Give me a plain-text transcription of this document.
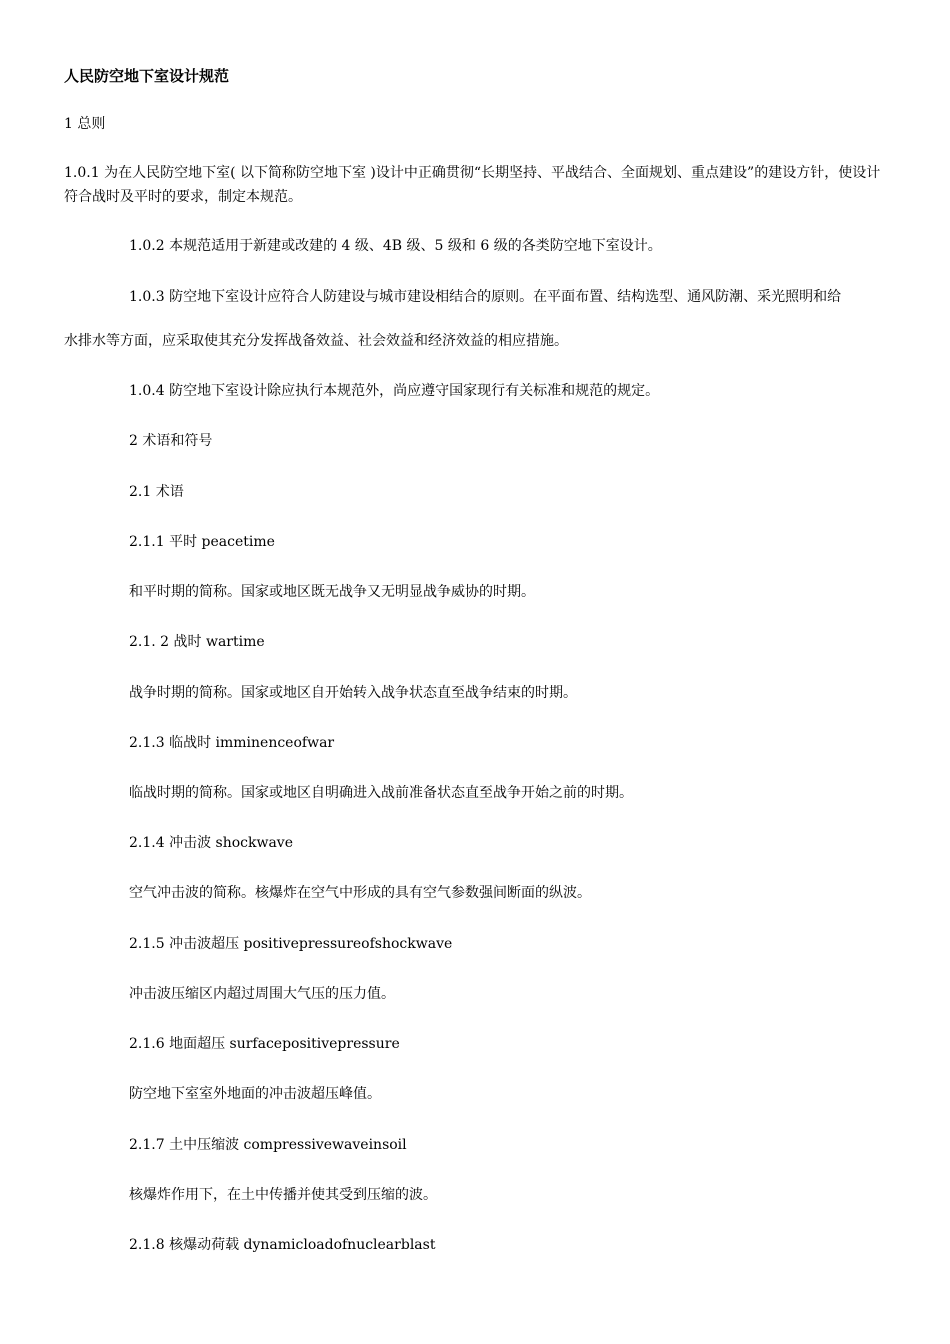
人民防空地下室设计规范
1 总则
1.0.1 为在人民防空地下室( 以下简称防空地下室 )设计中正确贯彻“长期坚持、平战结合、全面规划、重点建设”的建设方针，使设计符合战时及平时的要求，制定本规范。
1.0.2 本规范适用于新建或改建的 4 级、4B 级、5 级和 6 级的各类防空地下室设计。
1.0.3 防空地下室设计应符合人防建设与城市建设相结合的原则。在平面布置、结构选型、通风防潮、采光照明和给
水排水等方面，应采取使其充分发挥战备效益、社会效益和经济效益的相应措施。
1.0.4 防空地下室设计除应执行本规范外，尚应遵守国家现行有关标准和规范的规定。
2 术语和符号
2.1 术语
2.1.1 平时 peacetime
和平时期的简称。国家或地区既无战争又无明显战争威协的时期。
2.1. 2 战时 wartime
战争时期的简称。国家或地区自开始转入战争状态直至战争结束的时期。
2.1.3 临战时 imminenceofwar
临战时期的简称。国家或地区自明确进入战前准备状态直至战争开始之前的时期。
2.1.4 冲击波 shockwave
空气冲击波的简称。核爆炸在空气中形成的具有空气参数强间断面的纵波。
2.1.5 冲击波超压 positivepressureofshockwave
冲击波压缩区内超过周围大气压的压力值。
2.1.6 地面超压 surfacepositivepressure
防空地下室室外地面的冲击波超压峰值。
2.1.7 土中压缩波 compressivewaveinsoil
核爆炸作用下，在土中传播并使其受到压缩的波。
2.1.8 核爆动荷载 dynamicloadofnuclearblast
